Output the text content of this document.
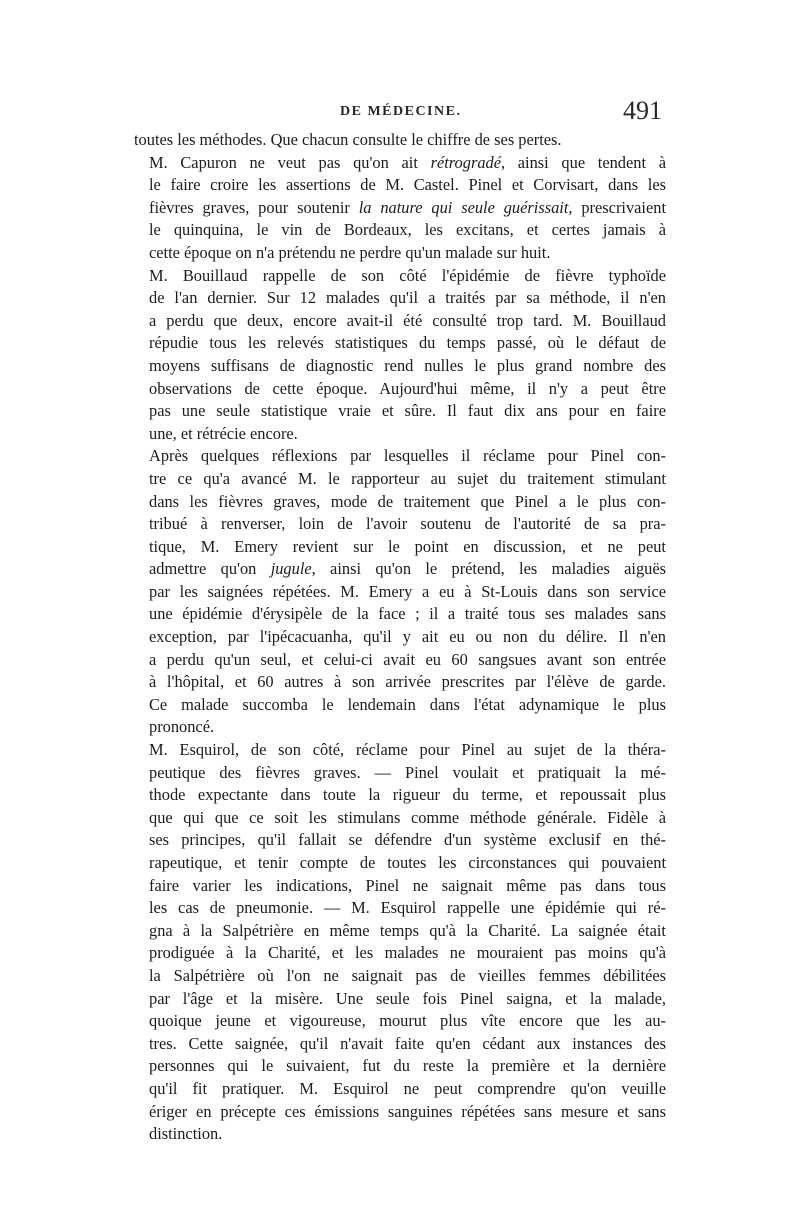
DE MÉDECINE.	491
toutes les méthodes. Que chacun consulte le chiffre de ses pertes.
M. Capuron ne veut pas qu'on ait rétrogradé, ainsi que tendent à
le faire croire les assertions de M. Castel. Pinel et Corvisart, dans les
fièvres graves, pour soutenir la nature qui seule guérissait, prescrivaient
le quinquina, le vin de Bordeaux, les excitans, et certes jamais à
cette époque on n'a prétendu ne perdre qu'un malade sur huit.
M. Bouillaud rappelle de son côté l'épidémie de fièvre typhoïde
de l'an dernier. Sur 12 malades qu'il a traités par sa méthode, il n'en
a perdu que deux, encore avait-il été consulté trop tard. M. Bouillaud
répudie tous les relevés statistiques du temps passé, où le défaut de
moyens suffisans de diagnostic rend nulles le plus grand nombre des
observations de cette époque. Aujourd'hui même, il n'y a peut être
pas une seule statistique vraie et sûre. Il faut dix ans pour en faire
une, et rétrécie encore.
Après quelques réflexions par lesquelles il réclame pour Pinel con-
tre ce qu'a avancé M. le rapporteur au sujet du traitement stimulant
dans les fièvres graves, mode de traitement que Pinel a le plus con-
tribué à renverser, loin de l'avoir soutenu de l'autorité de sa pra-
tique, M. Emery revient sur le point en discussion, et ne peut
admettre qu'on jugule, ainsi qu'on le prétend, les maladies aiguës
par les saignées répétées. M. Emery a eu à St-Louis dans son service
une épidémie d'érysipèle de la face ; il a traité tous ses malades sans
exception, par l'ipécacuanha, qu'il y ait eu ou non du délire. Il n'en
a perdu qu'un seul, et celui-ci avait eu 60 sangsues avant son entrée
à l'hôpital, et 60 autres à son arrivée prescrites par l'élève de garde.
Ce malade succomba le lendemain dans l'état adynamique le plus
prononcé.
M. Esquirol, de son côté, réclame pour Pinel au sujet de la théra-
peutique des fièvres graves. — Pinel voulait et pratiquait la mé-
thode expectante dans toute la rigueur du terme, et repoussait plus
que qui que ce soit les stimulans comme méthode générale. Fidèle à
ses principes, qu'il fallait se défendre d'un système exclusif en thé-
rapeutique, et tenir compte de toutes les circonstances qui pouvaient
faire varier les indications, Pinel ne saignait même pas dans tous
les cas de pneumonie. — M. Esquirol rappelle une épidémie qui ré-
gna à la Salpétrière en même temps qu'à la Charité. La saignée était
prodiguée à la Charité, et les malades ne mouraient pas moins qu'à
la Salpétrière où l'on ne saignait pas de vieilles femmes débilitées
par l'âge et la misère. Une seule fois Pinel saigna, et la malade,
quoique jeune et vigoureuse, mourut plus vîte encore que les au-
tres. Cette saignée, qu'il n'avait faite qu'en cédant aux instances des
personnes qui le suivaient, fut du reste la première et la dernière
qu'il fit pratiquer. M. Esquirol ne peut comprendre qu'on veuille
ériger en précepte ces émissions sanguines répétées sans mesure et sans
distinction.
